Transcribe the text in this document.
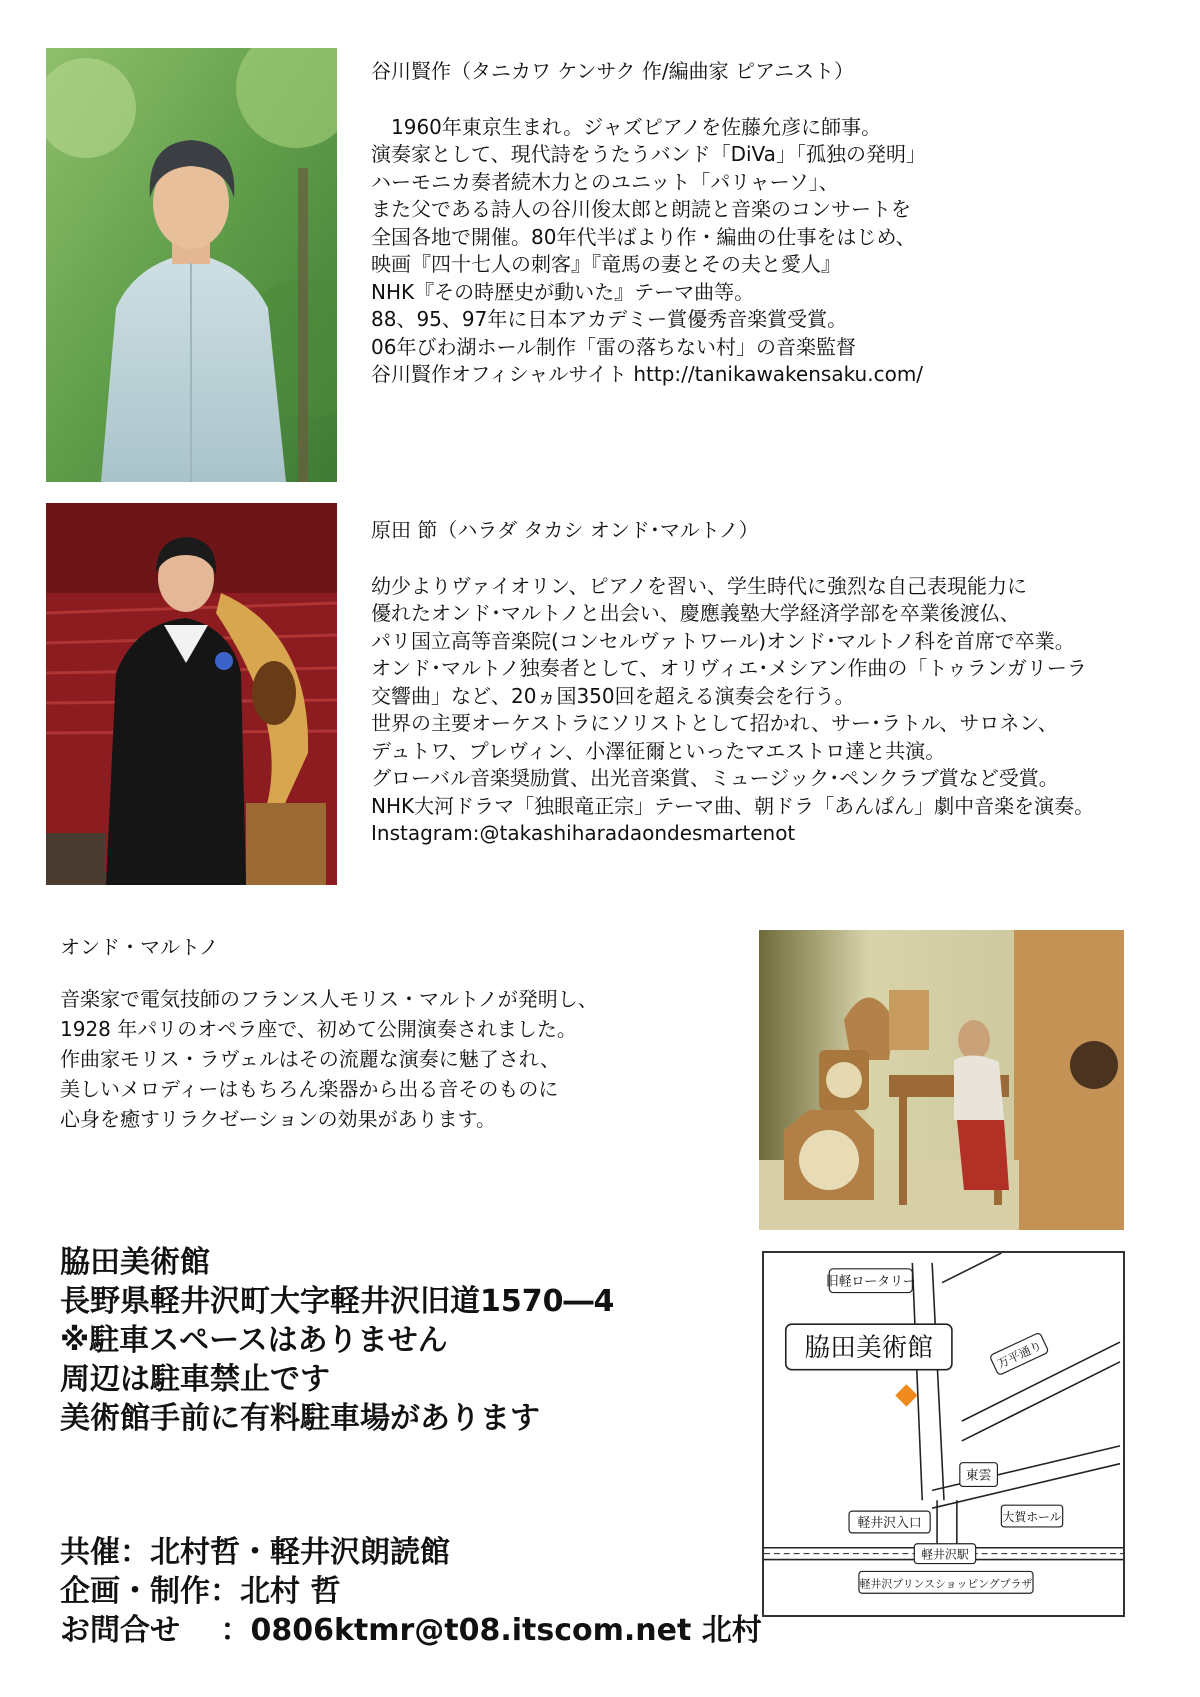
谷川賢作（タニカワ ケンサク 作/編曲家 ピアニスト）

　1960年東京生まれ。ジャズピアノを佐藤允彦に師事。

演奏家として、現代詩をうたうバンド「DiVa」「孤独の発明」

ハーモニカ奏者続木力とのユニット「パリャーソ」、

また父である詩人の谷川俊太郎と朗読と音楽のコンサートを

全国各地で開催。80年代半ばより作・編曲の仕事をはじめ、

映画『四十七人の刺客』『竜馬の妻とその夫と愛人』

NHK『その時歴史が動いた』テーマ曲等。

88、95、97年に日本アカデミー賞優秀音楽賞受賞。

06年びわ湖ホール制作「雷の落ちない村」の音楽監督

谷川賢作オフィシャルサイト http://tanikawakensaku.com/

原田 節（ハラダ タカシ オンド･マルトノ）

幼少よりヴァイオリン、ピアノを習い、学生時代に強烈な自己表現能力に

優れたオンド･マルトノと出会い、慶應義塾大学経済学部を卒業後渡仏、

パリ国立高等音楽院(コンセルヴァトワール)オンド･マルトノ科を首席で卒業。

オンド･マルトノ独奏者として、オリヴィエ･メシアン作曲の「トゥランガリーラ

交響曲」など、20ヵ国350回を超える演奏会を行う。

世界の主要オーケストラにソリストとして招かれ、サー･ラトル、サロネン、

デュトワ、プレヴィン、小澤征爾といったマエストロ達と共演。

グローバル音楽奨励賞、出光音楽賞、ミュージック･ペンクラブ賞など受賞。

NHK大河ドラマ「独眼竜正宗」テーマ曲、朝ドラ「あんぱん」劇中音楽を演奏。

Instagram:@takashiharadaondesmartenot

オンド・マルトノ
音楽家で電気技師のフランス人モリス・マルトノが発明し、
1928 年パリのオペラ座で、初めて公開演奏されました。
作曲家モリス・ラヴェルはその流麗な演奏に魅了され、
美しいメロディーはもちろん楽器から出る音そのものに
心身を癒すリラクゼーションの効果があります。
脇田美術館
長野県軽井沢町大字軽井沢旧道1570―4
※駐車スペースはありません
周辺は駐車禁止です
美術館手前に有料駐車場があります
共催：北村哲・軽井沢朗読館
企画・制作：北村 哲
お問合せ　 ：0806ktmr@t08.itscom.net 北村
旧軽ロータリー
脇田美術館	万平通り
東雲
軽井沢入口	大賀ホール
軽井沢駅
軽井沢プリンスショッピングプラザ
